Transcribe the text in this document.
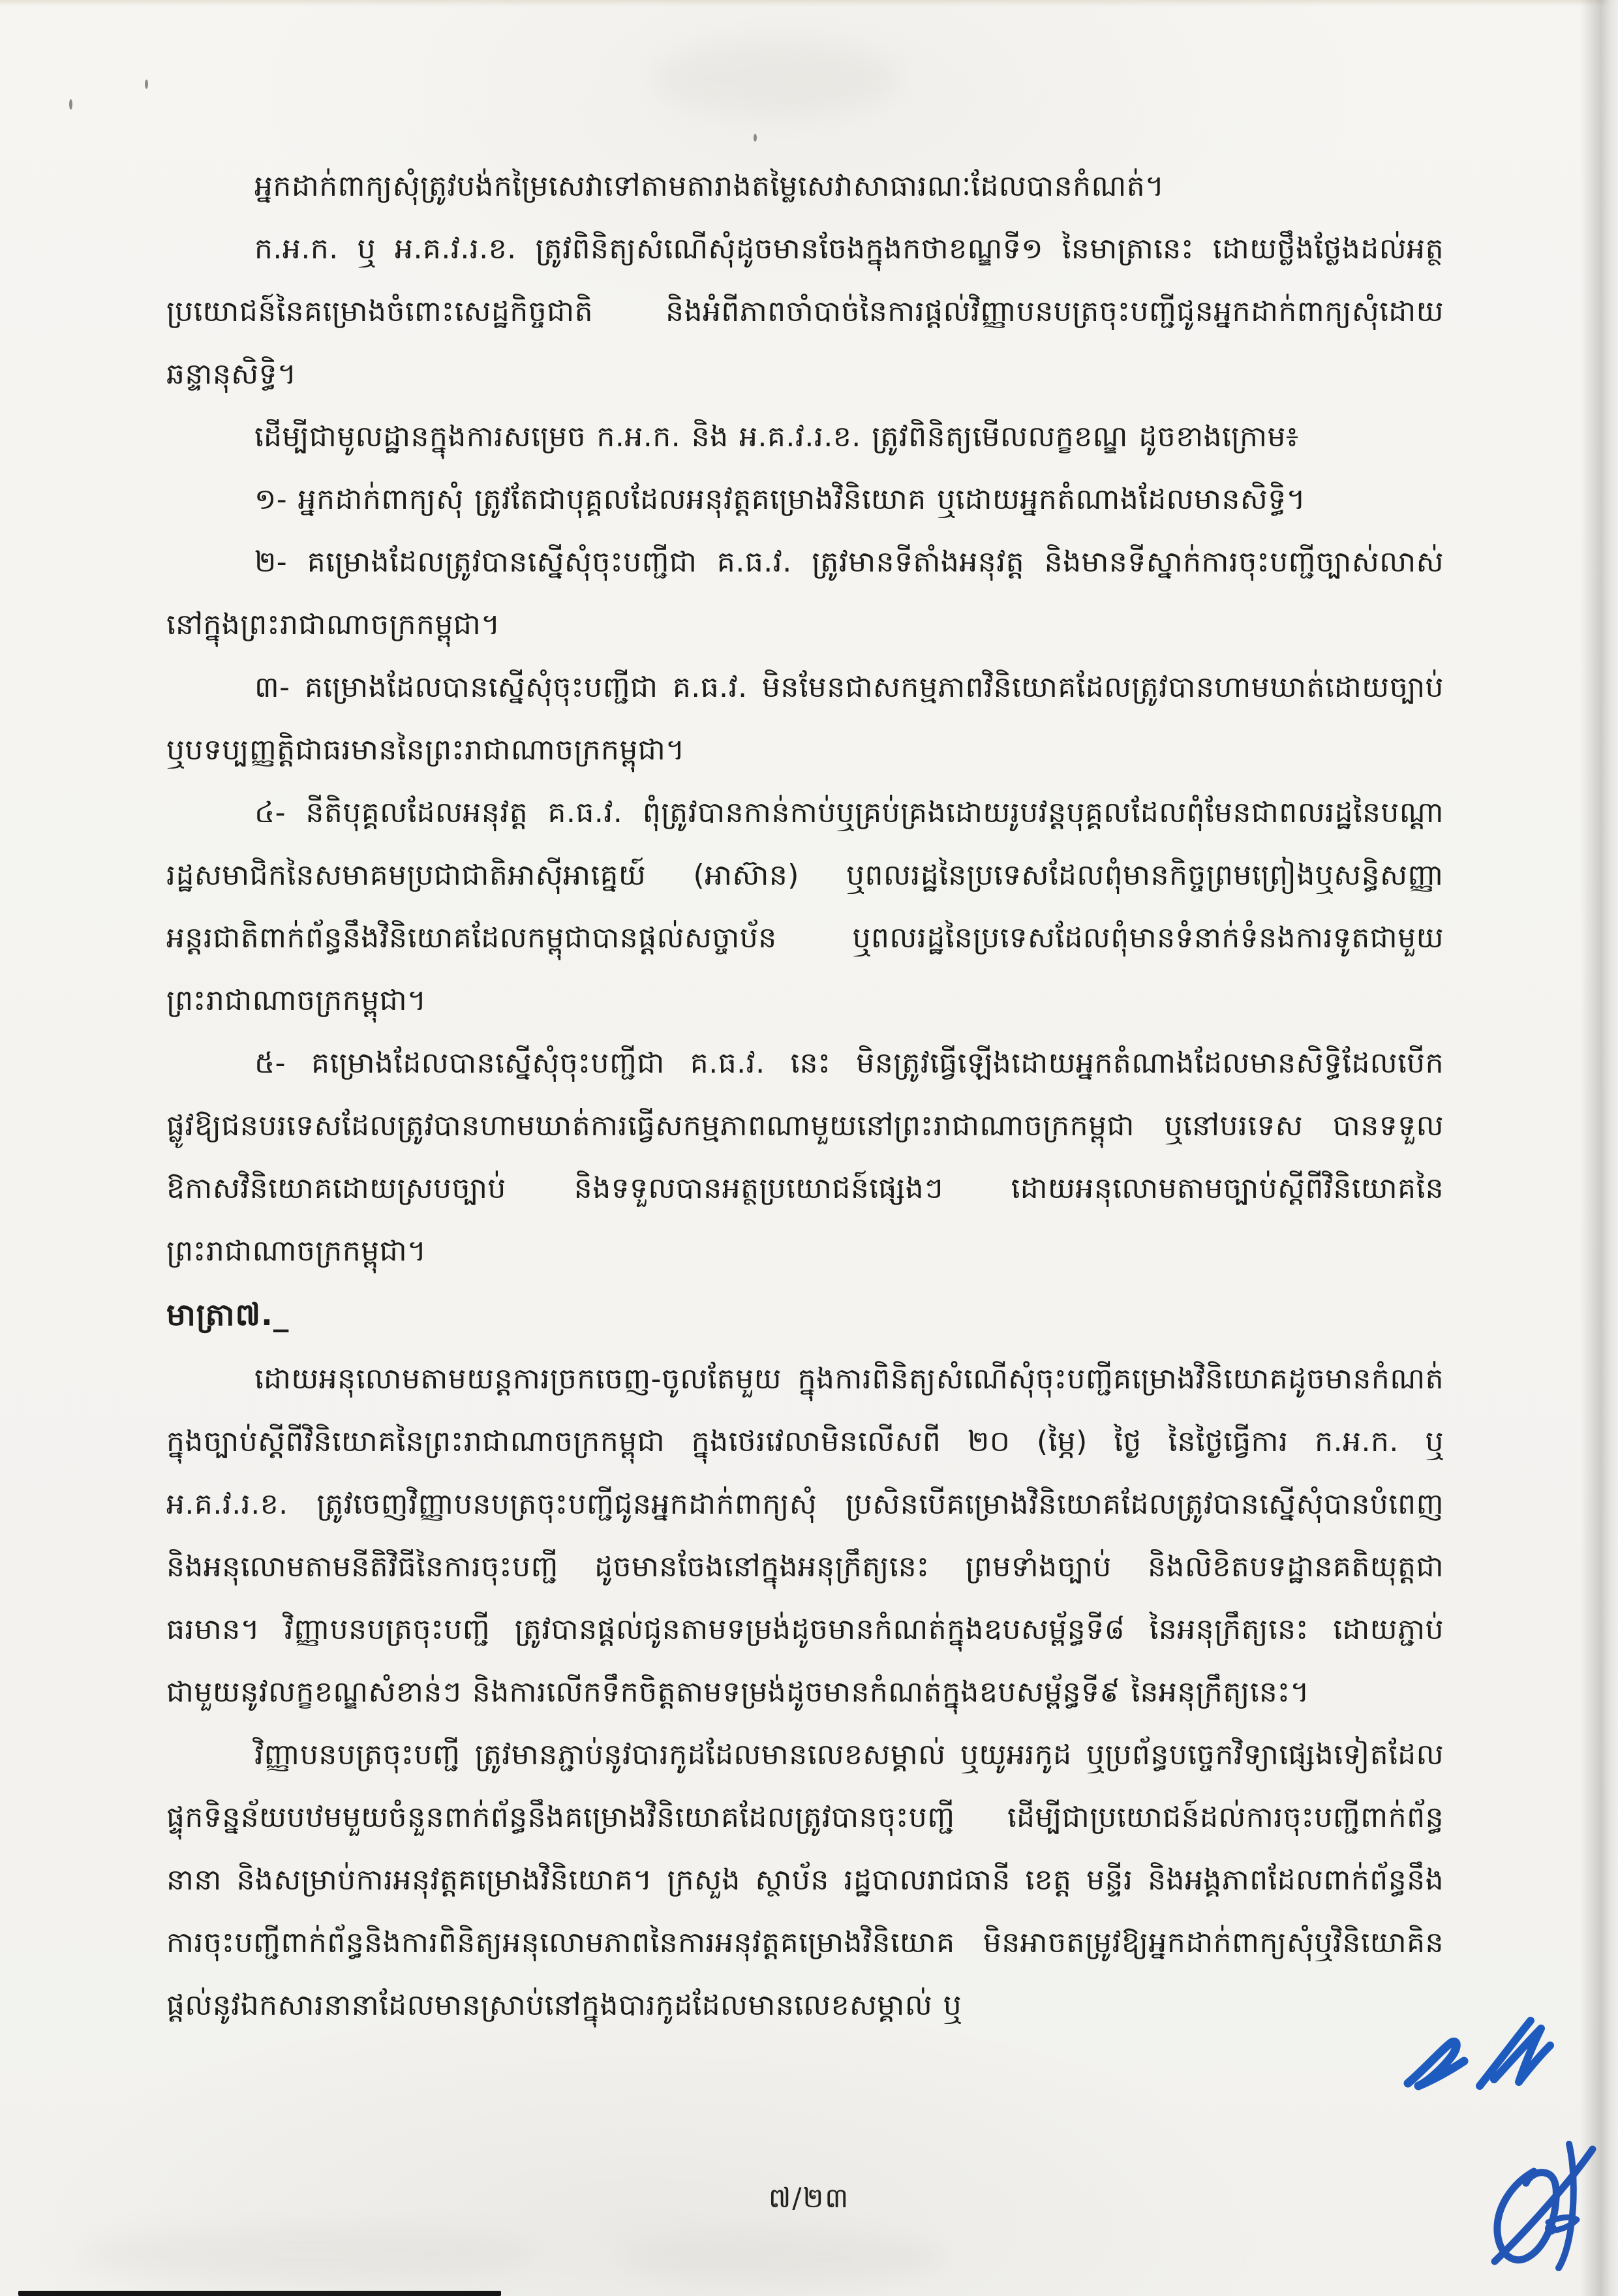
អ្នកដាក់ពាក្យសុំត្រូវបង់កម្រៃសេវាទៅតាមតារាងតម្លៃសេវាសាធារណៈដែលបានកំណត់។

ក.អ.ក. ឬ អ.គ.វ.រ.ខ. ត្រូវពិនិត្យសំណើសុំដូចមានចែងក្នុងកថាខណ្ឌទី១ នៃមាត្រានេះ ដោយថ្លឹងថ្លែងដល់អត្ថប្រយោជន៍នៃគម្រោងចំពោះសេដ្ឋកិច្ចជាតិ និងអំពីភាពចាំបាច់នៃការផ្តល់វិញ្ញាបនបត្រចុះបញ្ជីជូនអ្នកដាក់ពាក្យសុំដោយឆន្ទានុសិទ្ធិ។

ដើម្បីជាមូលដ្ឋានក្នុងការសម្រេច ក.អ.ក. និង អ.គ.វ.រ.ខ. ត្រូវពិនិត្យមើលលក្ខខណ្ឌ ដូចខាងក្រោម៖

១- អ្នកដាក់ពាក្យសុំ ត្រូវតែជាបុគ្គលដែលអនុវត្តគម្រោងវិនិយោគ ឬដោយអ្នកតំណាងដែលមានសិទ្ធិ។

២- គម្រោងដែលត្រូវបានស្នើសុំចុះបញ្ជីជា គ.ធ.វ. ត្រូវមានទីតាំងអនុវត្ត និងមានទីស្នាក់ការចុះបញ្ជីច្បាស់លាស់នៅក្នុងព្រះរាជាណាចក្រកម្ពុជា។

៣- គម្រោងដែលបានស្នើសុំចុះបញ្ជីជា គ.ធ.វ. មិនមែនជាសកម្មភាពវិនិយោគដែលត្រូវបានហាមឃាត់ដោយច្បាប់ ឬបទប្បញ្ញត្តិជាធរមាននៃព្រះរាជាណាចក្រកម្ពុជា។

៤- នីតិបុគ្គលដែលអនុវត្ត គ.ធ.វ. ពុំត្រូវបានកាន់កាប់ឬគ្រប់គ្រងដោយរូបវន្តបុគ្គលដែលពុំមែនជាពលរដ្ឋនៃបណ្តារដ្ឋសមាជិកនៃសមាគមប្រជាជាតិអាស៊ីអាគ្នេយ៍ (អាស៊ាន) ឬពលរដ្ឋនៃប្រទេសដែលពុំមានកិច្ចព្រមព្រៀងឬសន្ធិសញ្ញាអន្តរជាតិពាក់ព័ន្ធនឹងវិនិយោគដែលកម្ពុជាបានផ្តល់សច្ចាប័ន ឬពលរដ្ឋនៃប្រទេសដែលពុំមានទំនាក់ទំនងការទូតជាមួយព្រះរាជាណាចក្រកម្ពុជា។

៥- គម្រោងដែលបានស្នើសុំចុះបញ្ជីជា គ.ធ.វ. នេះ មិនត្រូវធ្វើឡើងដោយអ្នកតំណាងដែលមានសិទ្ធិដែលបើកផ្លូវឱ្យជនបរទេសដែលត្រូវបានហាមឃាត់ការធ្វើសកម្មភាពណាមួយនៅព្រះរាជាណាចក្រកម្ពុជា ឬនៅបរទេស បានទទួលឱកាសវិនិយោគដោយស្របច្បាប់ និងទទួលបានអត្ថប្រយោជន៍ផ្សេងៗ ដោយអនុលោមតាមច្បាប់ស្តីពីវិនិយោគនៃព្រះរាជាណាចក្រកម្ពុជា។

មាត្រា៧._

ដោយអនុលោមតាមយន្តការច្រកចេញ-ចូលតែមួយ ក្នុងការពិនិត្យសំណើសុំចុះបញ្ជីគម្រោងវិនិយោគដូចមានកំណត់ក្នុងច្បាប់ស្តីពីវិនិយោគនៃព្រះរាជាណាចក្រកម្ពុជា ក្នុងថេរវេលាមិនលើសពី ២០ (ម្ភៃ) ថ្ងៃ នៃថ្ងៃធ្វើការ ក.អ.ក. ឬ អ.គ.វ.រ.ខ. ត្រូវចេញវិញ្ញាបនបត្រចុះបញ្ជីជូនអ្នកដាក់ពាក្យសុំ ប្រសិនបើគម្រោងវិនិយោគដែលត្រូវបានស្នើសុំបានបំពេញនិងអនុលោមតាមនីតិវិធីនៃការចុះបញ្ជី ដូចមានចែងនៅក្នុងអនុក្រឹត្យនេះ ព្រមទាំងច្បាប់ និងលិខិតបទដ្ឋានគតិយុត្តជាធរមាន។ វិញ្ញាបនបត្រចុះបញ្ជី ត្រូវបានផ្តល់ជូនតាមទម្រង់ដូចមានកំណត់ក្នុងឧបសម្ព័ន្ធទី៨ នៃអនុក្រឹត្យនេះ ដោយភ្ជាប់ជាមួយនូវលក្ខខណ្ឌសំខាន់ៗ និងការលើកទឹកចិត្តតាមទម្រង់ដូចមានកំណត់ក្នុងឧបសម្ព័ន្ធទី៩ នៃអនុក្រឹត្យនេះ។

វិញ្ញាបនបត្រចុះបញ្ជី ត្រូវមានភ្ជាប់នូវបារកូដដែលមានលេខសម្គាល់ ឬយូអរកូដ ឬប្រព័ន្ធបច្ចេកវិទ្យាផ្សេងទៀតដែលផ្ទុកទិន្នន័យបឋមមួយចំនួនពាក់ព័ន្ធនឹងគម្រោងវិនិយោគដែលត្រូវបានចុះបញ្ជី ដើម្បីជាប្រយោជន៍ដល់ការចុះបញ្ជីពាក់ព័ន្ធនានា និងសម្រាប់ការអនុវត្តគម្រោងវិនិយោគ។ ក្រសួង ស្ថាប័ន រដ្ឋបាលរាជធានី ខេត្ត មន្ទីរ និងអង្គភាពដែលពាក់ព័ន្ធនឹងការចុះបញ្ជីពាក់ព័ន្ធនិងការពិនិត្យអនុលោមភាពនៃការអនុវត្តគម្រោងវិនិយោគ មិនអាចតម្រូវឱ្យអ្នកដាក់ពាក្យសុំឬវិនិយោគិនផ្តល់នូវឯកសារនានាដែលមានស្រាប់នៅក្នុងបារកូដដែលមានលេខសម្គាល់ ឬ

៧/២៣
